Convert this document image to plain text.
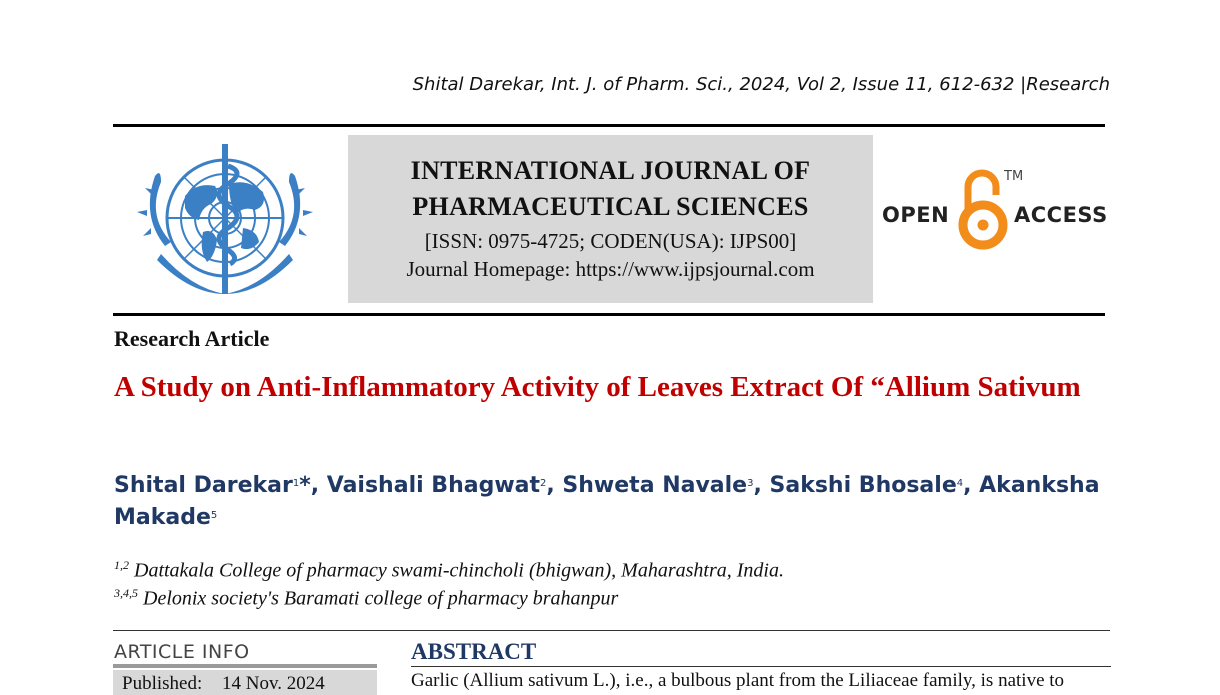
Shital Darekar, Int. J. of Pharm. Sci., 2024, Vol 2, Issue 11, 612-632 |Research
INTERNATIONAL JOURNAL OF
PHARMACEUTICAL SCIENCES
[ISSN: 0975-4725; CODEN(USA): IJPS00]
Journal Homepage: https://www.ijpsjournal.com
OPEN
TM
ACCESS
Research Article
A Study on Anti-Inflammatory Activity of Leaves Extract Of “Allium Sativum
Shital Darekar$^1$*, Vaishali Bhagwat$^2$, Shweta Navale$^3$, Sakshi Bhosale$^4$, Akanksha Makade$^5$
$^{1,2}$ Dattakala College of pharmacy swami-chincholi (bhigwan), Maharashtra, India.
$^{3,4,5}$ Delonix society's Baramati college of pharmacy brahanpur
ARTICLE INFO
Published: 14 Nov. 2024
ABSTRACT
Garlic (Allium sativum L.), i.e., a bulbous plant from the Liliaceae family, is native to
